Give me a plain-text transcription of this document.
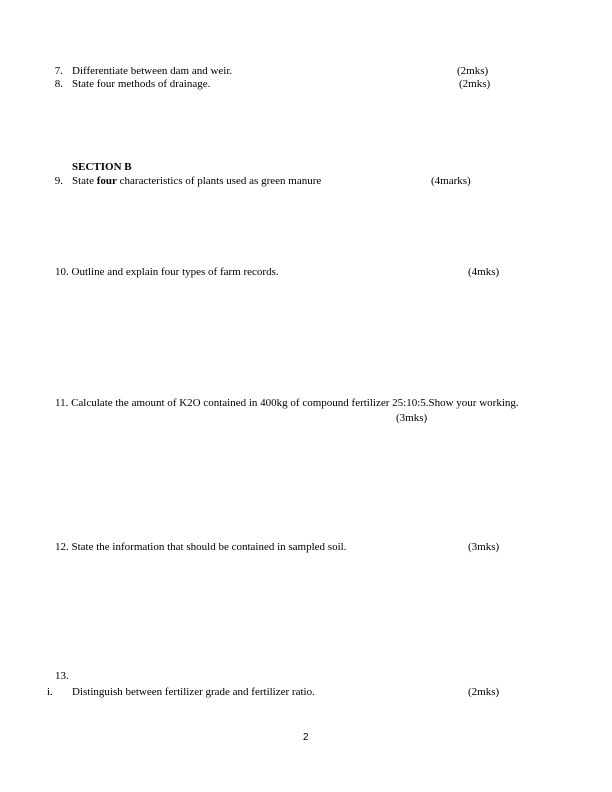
7. Differentiate between dam and weir.	(2mks)
8. State four methods of drainage.	(2mks)
SECTION B
9. State four characteristics of plants used as green manure	(4marks)
10. Outline and explain four types of farm records.	(4mks)
11. Calculate the amount of K2O contained in 400kg of compound fertilizer 25:10:5.Show your working.
(3mks)
12. State the information that should be contained in sampled soil.	(3mks)
13.
i. Distinguish between fertilizer grade and fertilizer ratio.	(2mks)
2
